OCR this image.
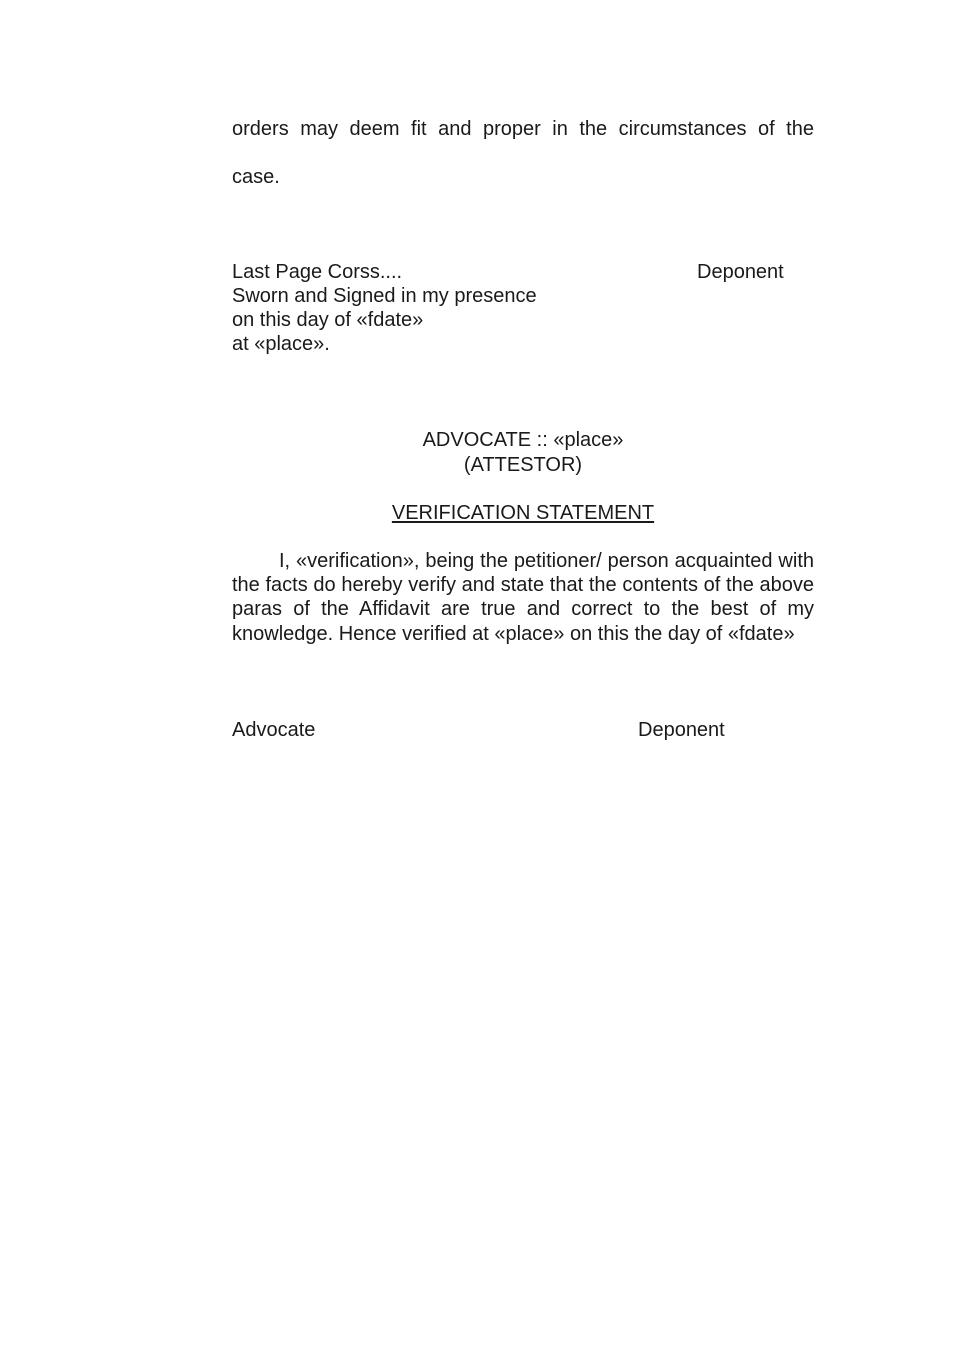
orders may deem fit and proper in the circumstances of the
case.
Last Page Corss....	Deponent
Sworn and Signed in my presence
on this day of «fdate»
at «place».
ADVOCATE :: «place»
(ATTESTOR)
VERIFICATION STATEMENT
I, «verification», being the petitioner/ person acquainted with the facts do hereby verify and state that the contents of the above paras of the Affidavit are true and correct to the best of my knowledge. Hence verified at «place» on this the day of «fdate»
Advocate	Deponent
